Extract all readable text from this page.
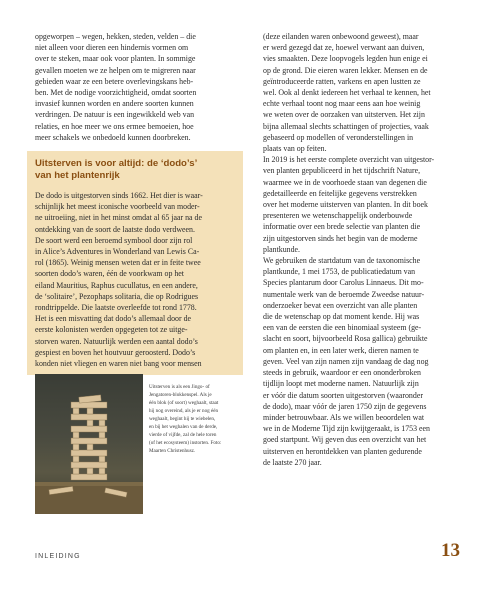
opgeworpen – wegen, hekken, steden, velden – die

niet alleen voor dieren een hindernis vormen om

over te steken, maar ook voor planten. In sommige

gevallen moeten we ze helpen om te migreren naar

gebieden waar ze een betere overlevingskans heb-

ben. Met de nodige voorzichtigheid, omdat soorten

invasief kunnen worden en andere soorten kunnen

verdringen. De natuur is een ingewikkeld web van

relaties, en hoe meer we ons ermee bemoeien, hoe

meer schakels we onbedoeld kunnen doorbreken.

Uitsterven is voor altijd: de ‘dodo’s’
van het plantenrijk

De dodo is uitgestorven sinds 1662. Het dier is waar-

schijnlijk het meest iconische voorbeeld van moder-

ne uitroeiing, niet in het minst omdat al 65 jaar na de

ontdekking van de soort de laatste dodo verdween.

De soort werd een beroemd symbool door zijn rol

in Alice’s Adventures in Wonderland van Lewis Ca-

rol (1865). Weinig mensen weten dat er in feite twee

soorten dodo’s waren, één de voorkwam op het

eiland Mauritius, Raphus cucullatus, en een andere,

de ‘solitaire’, Pezophaps solitaria, die op Rodrigues

rondtrippelde. Die laatste overleefde tot rond 1778.

Het is een misvatting dat dodo’s allemaal door de

eerste kolonisten werden opgegeten tot ze uitge-

storven waren. Natuurlijk werden een aantal dodo’s

gespiest en boven het houtvuur geroosterd. Dodo’s

konden niet vliegen en waren niet bang voor mensen

(deze eilanden waren onbewoond geweest), maar

er werd gezegd dat ze, hoewel verwant aan duiven,

vies smaakten. Deze loopvogels legden hun enige ei

op de grond. Die eieren waren lekker. Mensen en de

geïntroduceerde ratten, varkens en apen lustten ze

wel. Ook al denkt iedereen het verhaal te kennen, het

echte verhaal toont nog maar eens aan hoe weinig

we weten over de oorzaken van uitsterven. Het zijn

bijna allemaal slechts schattingen of projecties, vaak

gebaseerd op modellen of veronderstellingen in

plaats van op feiten.

In 2019 is het eerste complete overzicht van uitgestor-

ven planten gepubliceerd in het tijdschrift Nature,

waarmee we in de voorhoede staan van degenen die

gedetailleerde en feitelijke gegevens verstrekken

over het moderne uitsterven van planten. In dit boek

presenteren we wetenschappelijk onderbouwde

informatie over een brede selectie van planten die

zijn uitgestorven sinds het begin van de moderne

plantkunde.

We gebruiken de startdatum van de taxonomische

plantkunde, 1 mei 1753, de publicatiedatum van

Species plantarum door Carolus Linnaeus. Dit mo-

numentale werk van de beroemde Zweedse natuur-

onderzoeker bevat een overzicht van alle planten

die de wetenschap op dat moment kende. Hij was

een van de eersten die een binomiaal systeem (ge-

slacht en soort, bijvoorbeeld Rosa gallica) gebruikte

om planten en, in een later werk, dieren namen te

geven. Veel van zijn namen zijn vandaag de dag nog

steeds in gebruik, waardoor er een ononderbroken

tijdlijn loopt met moderne namen. Natuurlijk zijn

er vóór die datum soorten uitgestorven (waaronder

de dodo), maar vóór de jaren 1750 zijn de gegevens

minder betrouwbaar. Als we willen beoordelen wat

we in de Moderne Tijd zijn kwijtgeraakt, is 1753 een

goed startpunt. Wij geven dus een overzicht van het

uitsterven en herontdekken van planten gedurende

de laatste 270 jaar.

Uitsterven is als een Jingo- of
Jengatoren-blokkenspel. Als je
één blok (of soort) weghaalt, staat
hij nog overeind, als je er nog één
weghaalt, begint hij te wiebelen,
en bij het weghalen van de derde,
vierde of vijfde, zal de hele toren
(of het ecosysteem) instorten. Foto:
Maarten Christenhusz.
INLEIDING	13
